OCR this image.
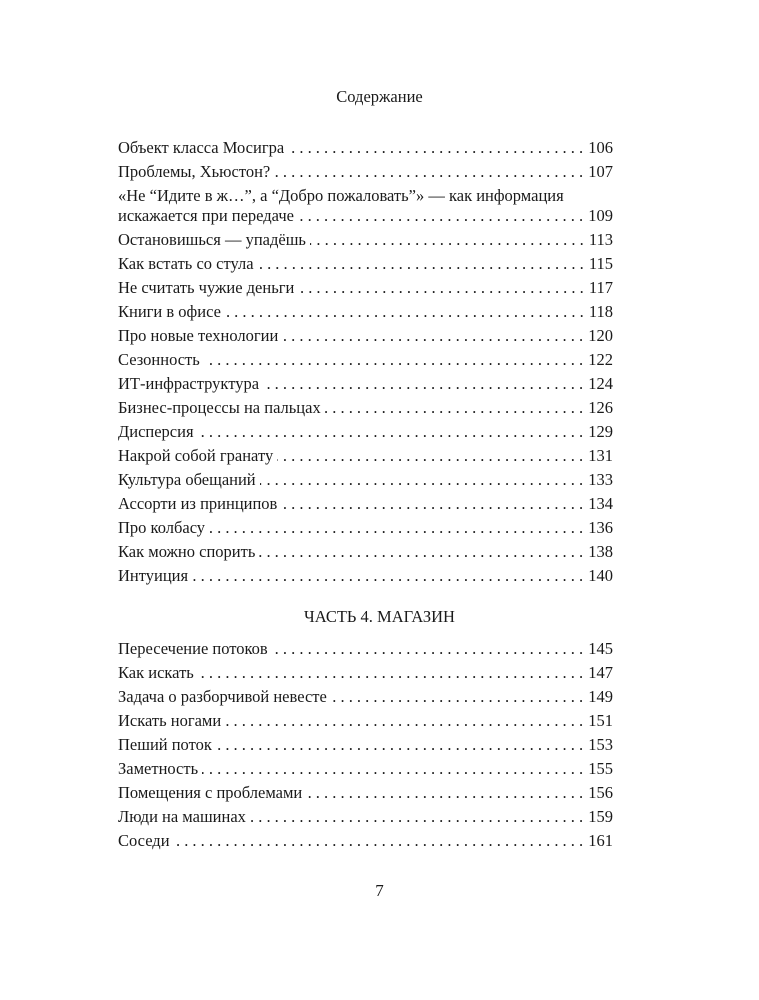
Содержание
Объект класса Мосигра .....	106
Проблемы, Хьюстон? .....	107
«Не “Идите в ж…”, а “Добро пожаловать”» — как информация
искажается при передаче .....	109
Остановишься — упадёшь .....	113
Как встать со стула .....	115
Не считать чужие деньги .....	117
Книги в офисе .....	118
Про новые технологии .....	120
Сезонность .....	122
ИТ-инфраструктура .....	124
Бизнес-процессы на пальцах .....	126
Дисперсия .....	129
Накрой собой гранату .....	131
Культура обещаний .....	133
Ассорти из принципов .....	134
Про колбасу .....	136
Как можно спорить .....	138
Интуиция .....	140
ЧАСТЬ 4. МАГАЗИН
Пересечение потоков .....	145
Как искать .....	147
Задача о разборчивой невесте .....	149
Искать ногами .....	151
Пеший поток .....	153
Заметность .....	155
Помещения с проблемами .....	156
Люди на машинах .....	159
Соседи .....	161
7
